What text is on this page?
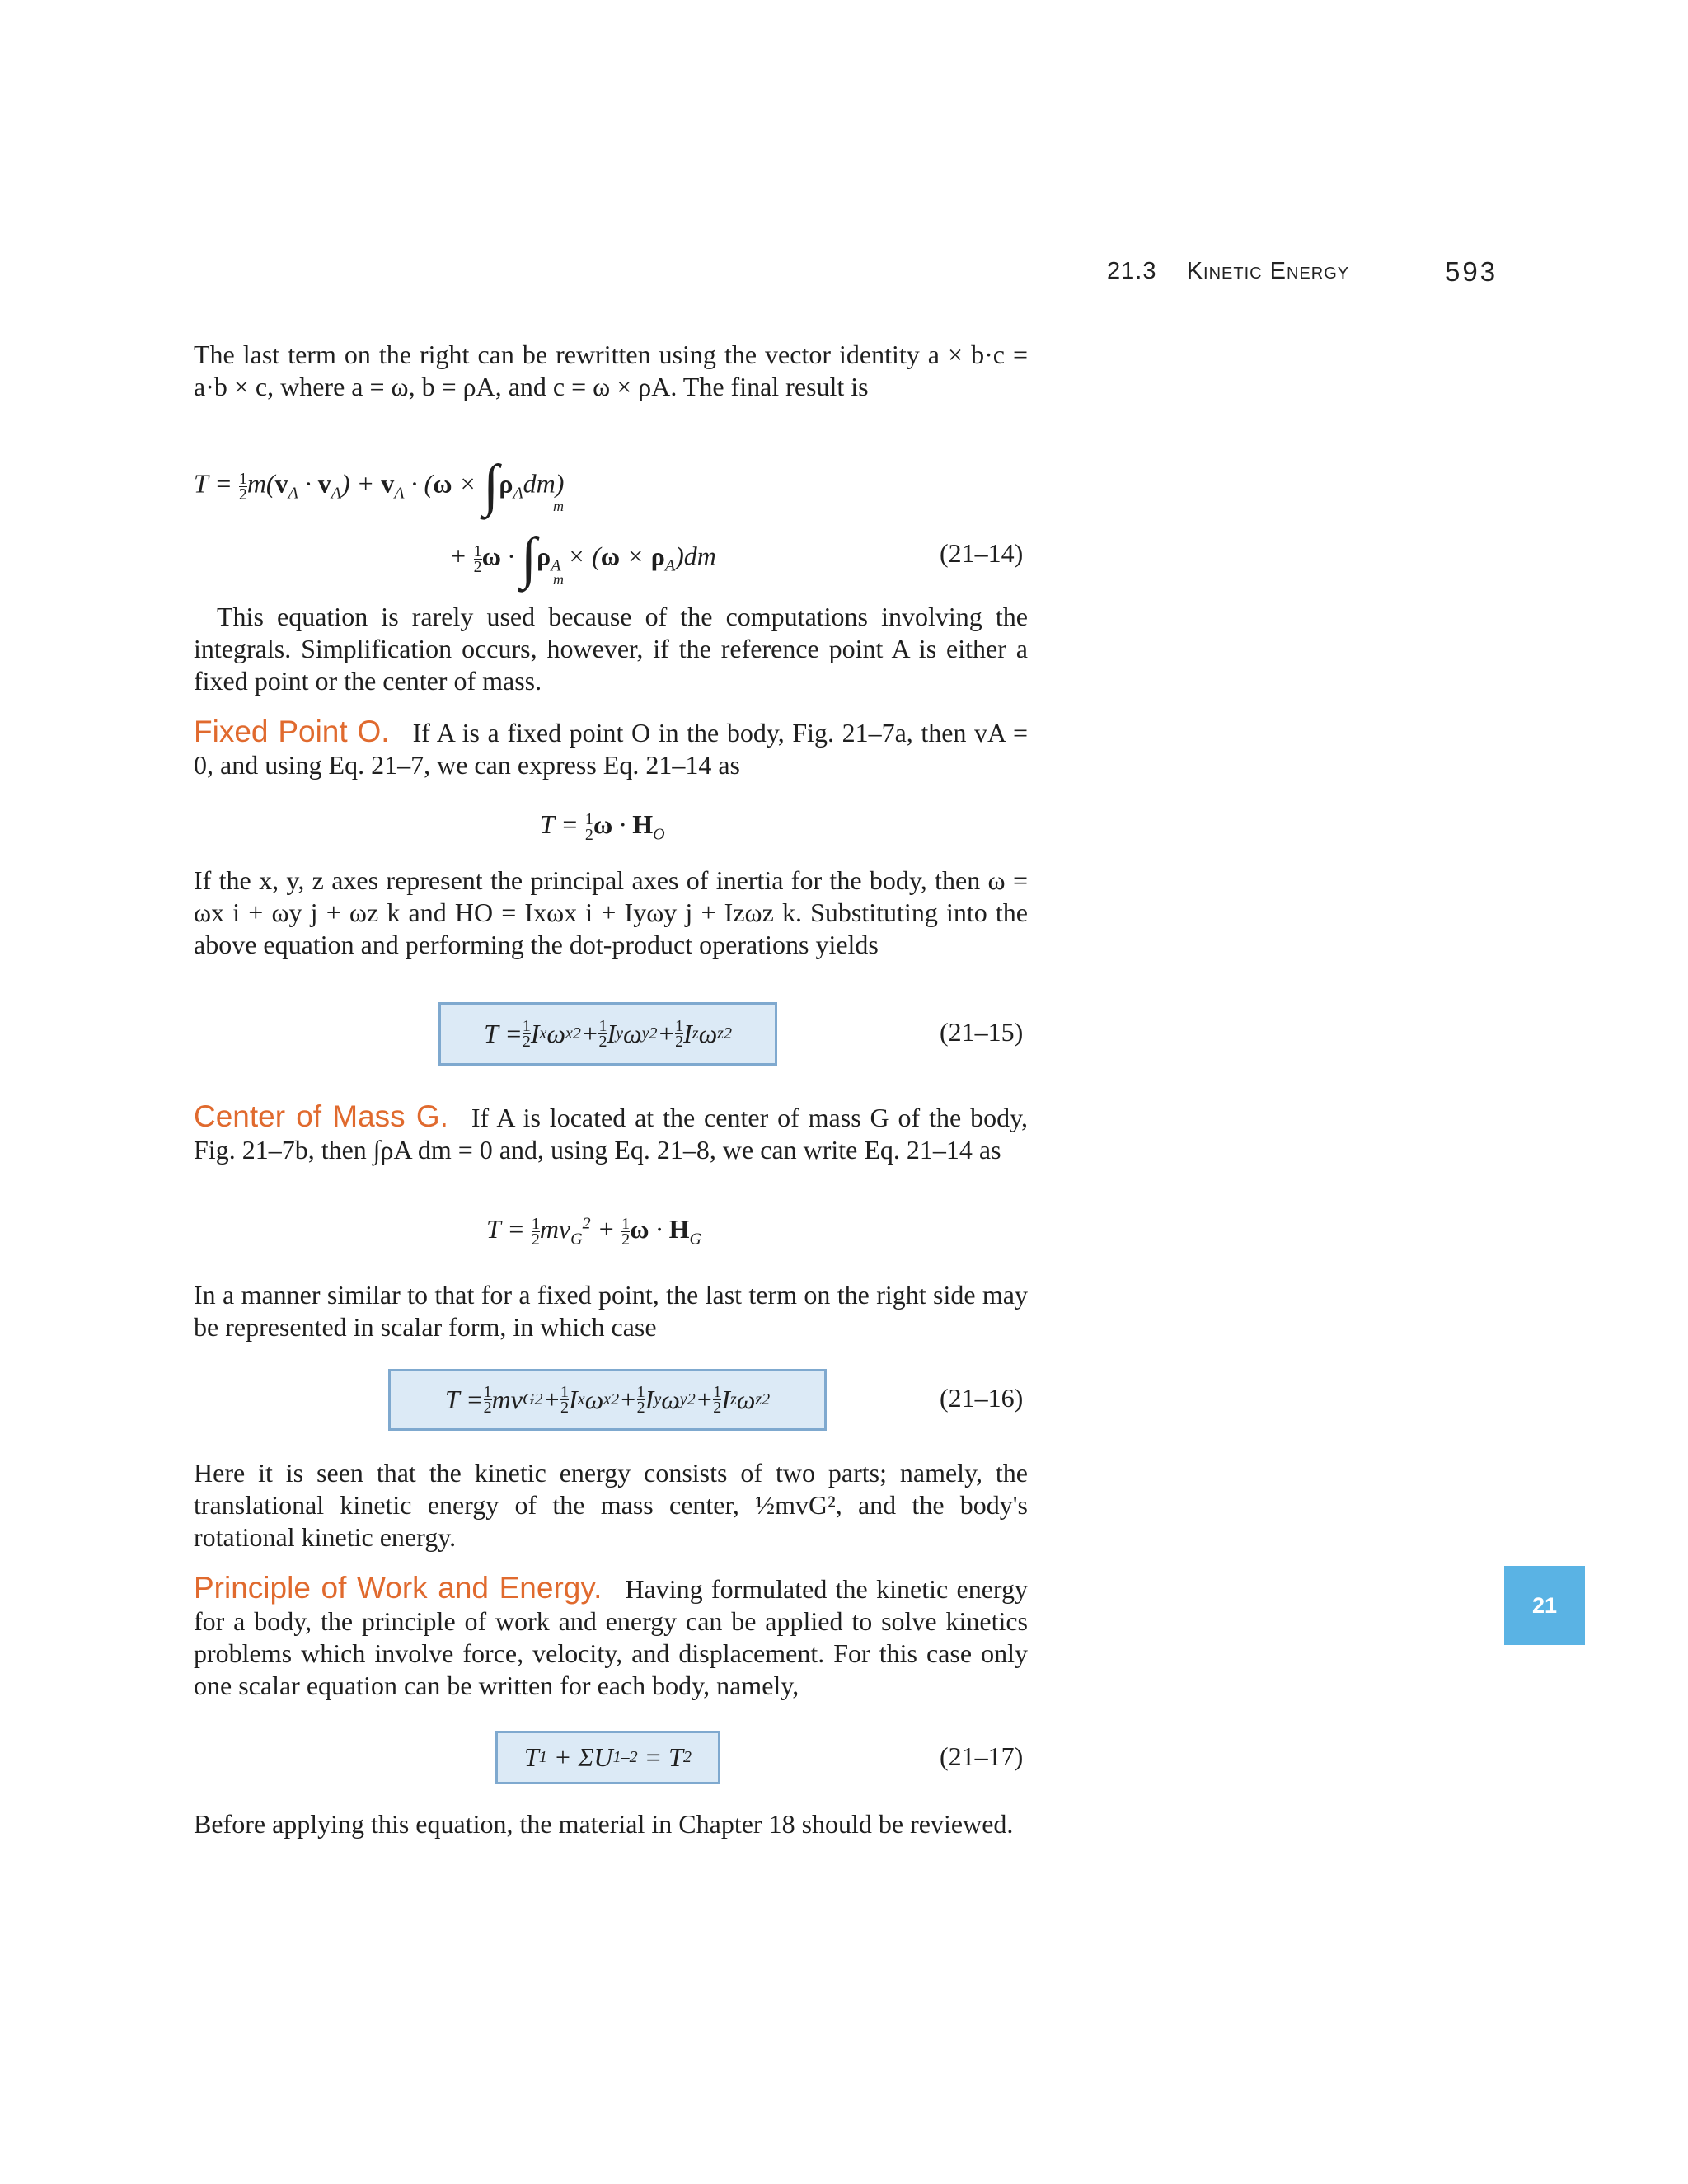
21.3 Kinetic Energy	593

The last term on the right can be rewritten using the vector identity a × b·c = a·b × c, where a = ω, b = ρA, and c = ω × ρA. The final result is

$T = \frac{1}{2} m(v_A \cdot v_A) + v_A \cdot (\omega \times \int\rho_Adm)$
m
+ $\frac{1}{2}$ $\omega \cdot \int\rho_A \times (\omega \times \rho_A)dm$
m
(21–14)

This equation is rarely used because of the computations involving the integrals. Simplification occurs, however, if the reference point A is either a fixed point or the center of mass.

Fixed Point O. If A is a fixed point O in the body, Fig. 21–7a, then vA = 0, and using Eq. 21–7, we can express Eq. 21–14 as

$T = \frac{1}{2}$ $\omega \cdot H_O$

If the x, y, z axes represent the principal axes of inertia for the body, then ω = ωx i + ωy j + ωz k and HO = Ixωx i + Iyωy j + Izωz k. Substituting into the above equation and performing the dot-product operations yields

$T = \frac{1}{2}$ I x ω x $2 + \frac{1}{2}$ I y ω y $2 + \frac{1}{2}$ I z ω z 2	(21–15)

Center of Mass G. If A is located at the center of mass G of the body, Fig. 21–7b, then ∫ρA dm = 0 and, using Eq. 21–8, we can write Eq. 21–14 as

$T = \frac{1}{2} mv_G^2 + \frac{1}{2}$ $\omega \cdot H_G$

In a manner similar to that for a fixed point, the last term on the right side may be represented in scalar form, in which case

$T = \frac{1}{2}$ mv G $2 + \frac{1}{2}$ I x ω x $2 + \frac{1}{2}$ I y ω y $2 + \frac{1}{2}$ I z ω z 2	(21–16)

Here it is seen that the kinetic energy consists of two parts; namely, the translational kinetic energy of the mass center, ½mvG², and the body's rotational kinetic energy.

Principle of Work and Energy. Having formulated the kinetic energy for a body, the principle of work and energy can be applied to solve kinetics problems which involve force, velocity, and displacement. For this case only one scalar equation can be written for each body, namely,

T 1 + ΣU 1–2 = T 2	(21–17)

Before applying this equation, the material in Chapter 18 should be reviewed.

21
